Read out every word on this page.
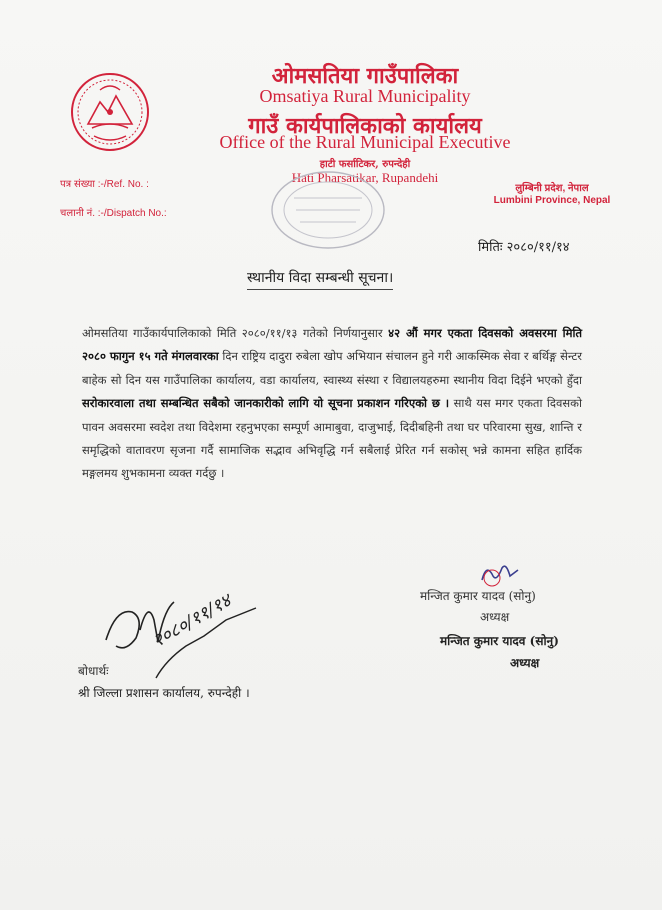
ओमसतिया गाउँपालिका
Omsatiya Rural Municipality
गाउँ कार्यपालिकाको कार्यालय
Office of the Rural Municipal Executive
हाटी फर्साटिकर, रुपन्देही
Hati Pharsatikar, Rupandehi
पत्र संख्या :-/Ref. No. :
चलानी नं. :-/Dispatch No.:
लुम्बिनी प्रदेश, नेपाल
Lumbini Province, Nepal
मितिः २०८०/११/१४
स्थानीय विदा सम्बन्धी सूचना।
ओमसतिया गाउँकार्यपालिकाको मिति २०८०/११/१३ गतेको निर्णयानुसार ४२ औं मगर एकता दिवसको अवसरमा मिति २०८० फागुन १५ गते मंगलवारका दिन राष्ट्रिय दादुरा रुबेला खोप अभियान संचालन हुने गरी आकस्मिक सेवा र बर्थिङ्ग सेन्टर बाहेक सो दिन यस गाउँपालिका कार्यालय, वडा कार्यालय, स्वास्थ्य संस्था र विद्यालयहरुमा स्थानीय विदा दिईने भएको हुँदा सरोकारवाला तथा सम्बन्धित सबैको जानकारीको लागि यो सूचना प्रकाशन गरिएको छ । साथै यस मगर एकता दिवसको पावन अवसरमा स्वदेश तथा विदेशमा रहनुभएका सम्पूर्ण आमाबुवा, दाजुभाई, दिदीबहिनी तथा घर परिवारमा सुख, शान्ति र समृद्धिको वातावरण सृजना गर्दै सामाजिक सद्भाव अभिवृद्धि गर्न सबैलाई प्रेरित गर्न सकोस् भन्ने कामना सहित हार्दिक मङ्गलमय शुभकामना व्यक्त गर्दछु ।
मन्जित कुमार यादव (सोनु)
अध्यक्ष
मन्जित कुमार यादव (सोनु)
अध्यक्ष
२०८०/११/१४
बोधार्थः
श्री जिल्ला प्रशासन कार्यालय, रुपन्देही ।
